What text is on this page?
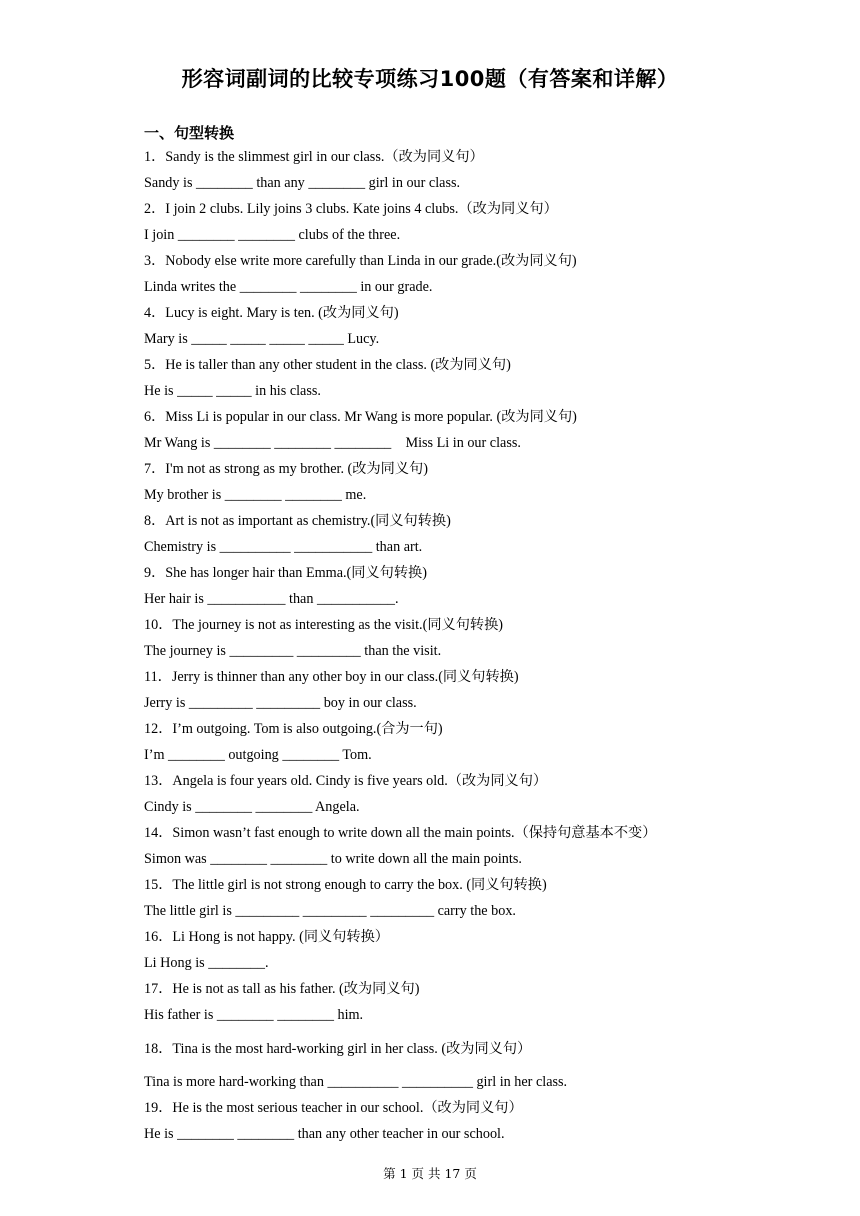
形容词副词的比较专项练习100题（有答案和详解）
一、句型转换
1．Sandy is the slimmest girl in our class.（改为同义句）
Sandy is ________ than any ________ girl in our class.
2．I join 2 clubs. Lily joins 3 clubs. Kate joins 4 clubs.（改为同义句）
I join ________ ________ clubs of the three.
3．Nobody else write more carefully than Linda in our grade.(改为同义句)
Linda writes the ________ ________ in our grade.
4．Lucy is eight. Mary is ten. (改为同义句)
Mary is _____ _____ _____ _____ Lucy.
5．He is taller than any other student in the class. (改为同义句)
He is _____ _____ in his class.
6．Miss Li is popular in our class. Mr Wang is more popular. (改为同义句)
Mr Wang is ________ ________ ________    Miss Li in our class.
7．I'm not as strong as my brother. (改为同义句)
My brother is ________ ________ me.
8．Art is not as important as chemistry.(同义句转换)
Chemistry is __________ ___________ than art.
9．She has longer hair than Emma.(同义句转换)
Her hair is ___________ than ___________.
10．The journey is not as interesting as the visit.(同义句转换)
The journey is _________ _________ than the visit.
11．Jerry is thinner than any other boy in our class.(同义句转换)
Jerry is _________ _________ boy in our class.
12．I’m outgoing. Tom is also outgoing.(合为一句)
I’m ________ outgoing ________ Tom.
13．Angela is four years old. Cindy is five years old.（改为同义句）
Cindy is ________ ________ Angela.
14．Simon wasn’t fast enough to write down all the main points.（保持句意基本不变）
Simon was ________ ________ to write down all the main points.
15．The little girl is not strong enough to carry the box. (同义句转换)
The little girl is _________ _________ _________ carry the box.
16．Li Hong is not happy. (同义句转换）
Li Hong is ________.
17．He is not as tall as his father. (改为同义句)
His father is ________ ________ him.
18．Tina is the most hard-working girl in her class. (改为同义句）
Tina is more hard-working than __________ __________ girl in her class.
19．He is the most serious teacher in our school.（改为同义句）
He is ________ ________ than any other teacher in our school.
第 1 页 共 17 页
